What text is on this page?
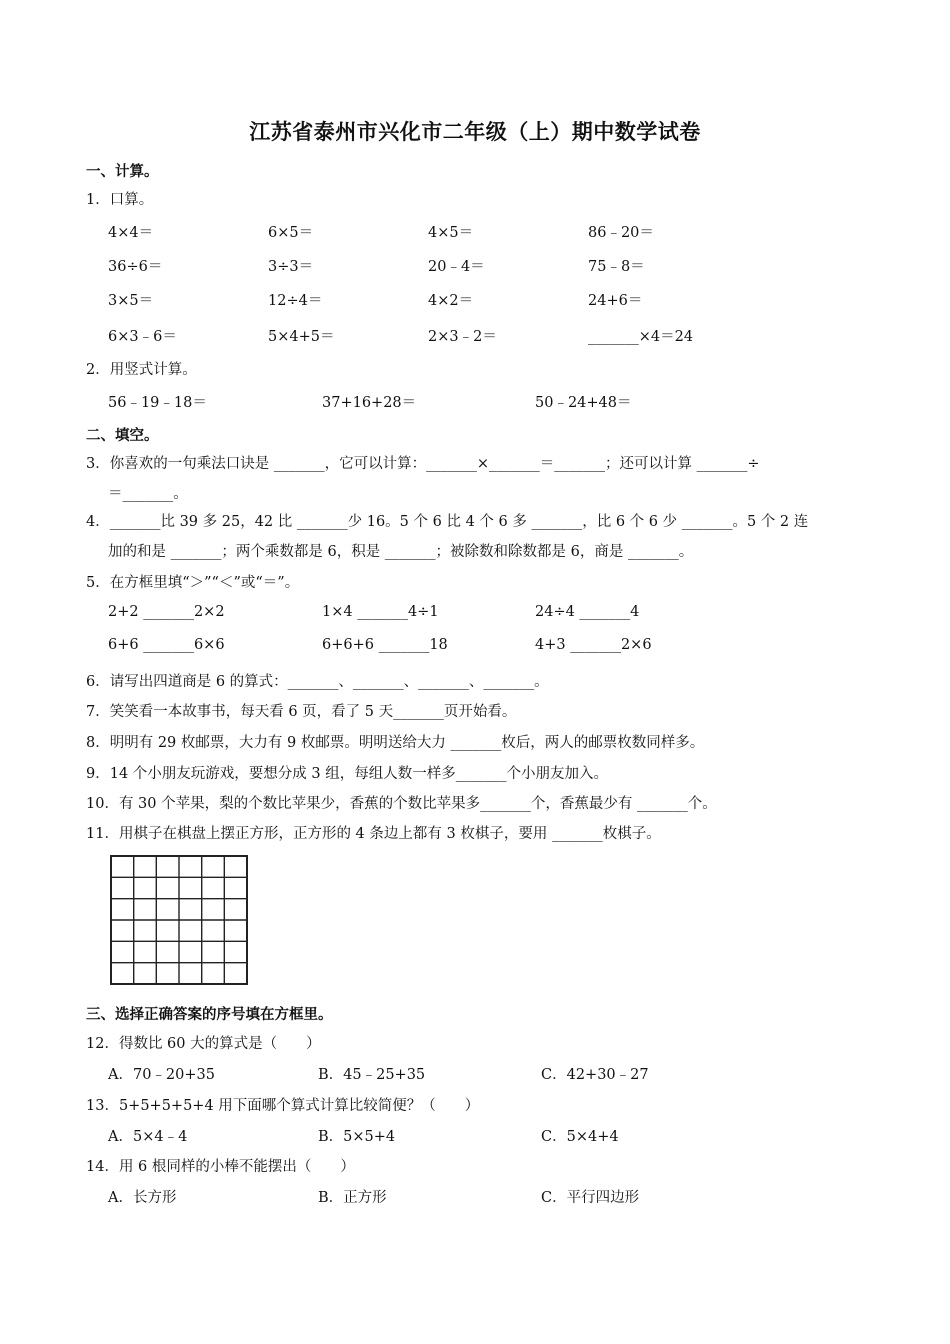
江苏省泰州市兴化市二年级（上）期中数学试卷
一、计算。
1．口算。
4×4＝	6×5＝	4×5＝	86﹣20＝
36÷6＝	3÷3＝	20﹣4＝	75﹣8＝
3×5＝	12÷4＝	4×2＝	24+6＝
6×3﹣6＝	5×4+5＝	2×3﹣2＝	_______×4＝24
2．用竖式计算。
56﹣19﹣18＝	37+16+28＝	50﹣24+48＝
二、填空。
3．你喜欢的一句乘法口诀是 _______，它可以计算：_______×_______＝_______；还可以计算 _______÷
＝_______。
4．_______比 39 多 25，42 比 _______少 16。5 个 6 比 4 个 6 多 _______，比 6 个 6 少 _______。5 个 2 连
加的和是 _______；两个乘数都是 6，积是 _______；被除数和除数都是 6，商是 _______。
5．在方框里填“＞”“＜”或“＝”。
2+2 _______2×2	1×4 _______4÷1	24÷4 _______4
6+6 _______6×6	6+6+6 _______18	4+3 _______2×6
6．请写出四道商是 6 的算式：_______、_______、_______、_______。
7．笑笑看一本故事书，每天看 6 页，看了 5 天_______页开始看。
8．明明有 29 枚邮票，大力有 9 枚邮票。明明送给大力 _______枚后，两人的邮票枚数同样多。
9．14 个小朋友玩游戏，要想分成 3 组，每组人数一样多_______个小朋友加入。
10．有 30 个苹果，梨的个数比苹果少，香蕉的个数比苹果多_______个，香蕉最少有 _______个。
11．用棋子在棋盘上摆正方形，正方形的 4 条边上都有 3 枚棋子，要用 _______枚棋子。
三、选择正确答案的序号填在方框里。
12．得数比 60 大的算式是（　　）
A．70﹣20+35	B．45﹣25+35	C．42+30﹣27
13．5+5+5+5+4 用下面哪个算式计算比较简便？（　　）
A．5×4﹣4	B．5×5+4	C．5×4+4
14．用 6 根同样的小棒不能摆出（　　）
A．长方形	B．正方形	C．平行四边形
